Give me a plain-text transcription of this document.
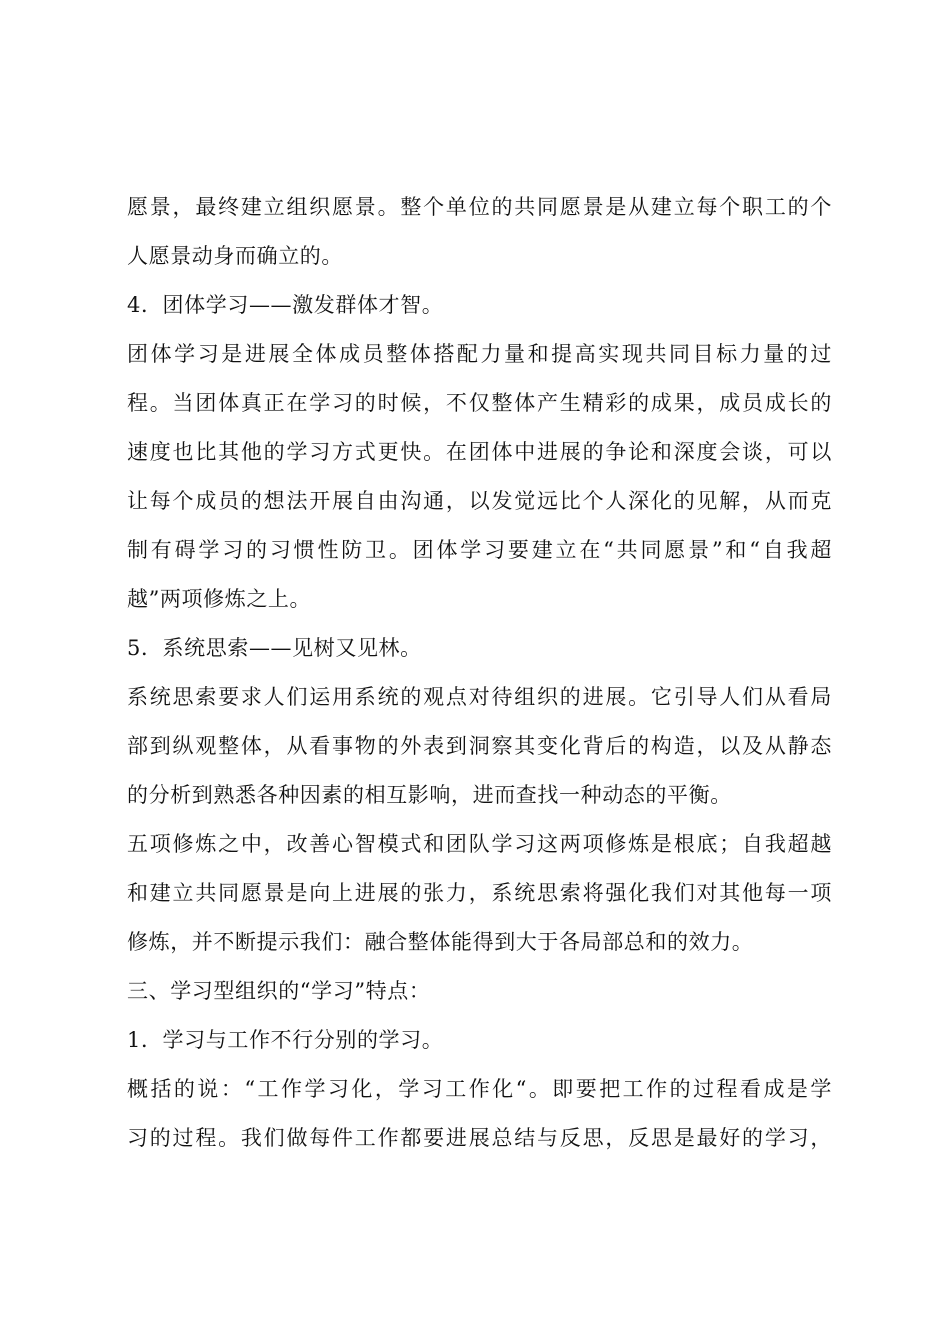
愿景，最终建立组织愿景。整个单位的共同愿景是从建立每个职工的个
人愿景动身而确立的。
4．团体学习——激发群体才智。
团体学习是进展全体成员整体搭配力量和提高实现共同目标力量的过
程。当团体真正在学习的时候，不仅整体产生精彩的成果，成员成长的
速度也比其他的学习方式更快。在团体中进展的争论和深度会谈，可以
让每个成员的想法开展自由沟通，以发觉远比个人深化的见解，从而克
制有碍学习的习惯性防卫。团体学习要建立在“共同愿景”和“自我超
越”两项修炼之上。
5．系统思索——见树又见林。
系统思索要求人们运用系统的观点对待组织的进展。它引导人们从看局
部到纵观整体，从看事物的外表到洞察其变化背后的构造，以及从静态
的分析到熟悉各种因素的相互影响，进而查找一种动态的平衡。
五项修炼之中，改善心智模式和团队学习这两项修炼是根底；自我超越
和建立共同愿景是向上进展的张力，系统思索将强化我们对其他每一项
修炼，并不断提示我们：融合整体能得到大于各局部总和的效力。
三、学习型组织的“学习”特点：
1．学习与工作不行分别的学习。
概括的说：“工作学习化，学习工作化“。即要把工作的过程看成是学
习的过程。我们做每件工作都要进展总结与反思，反思是最好的学习，
